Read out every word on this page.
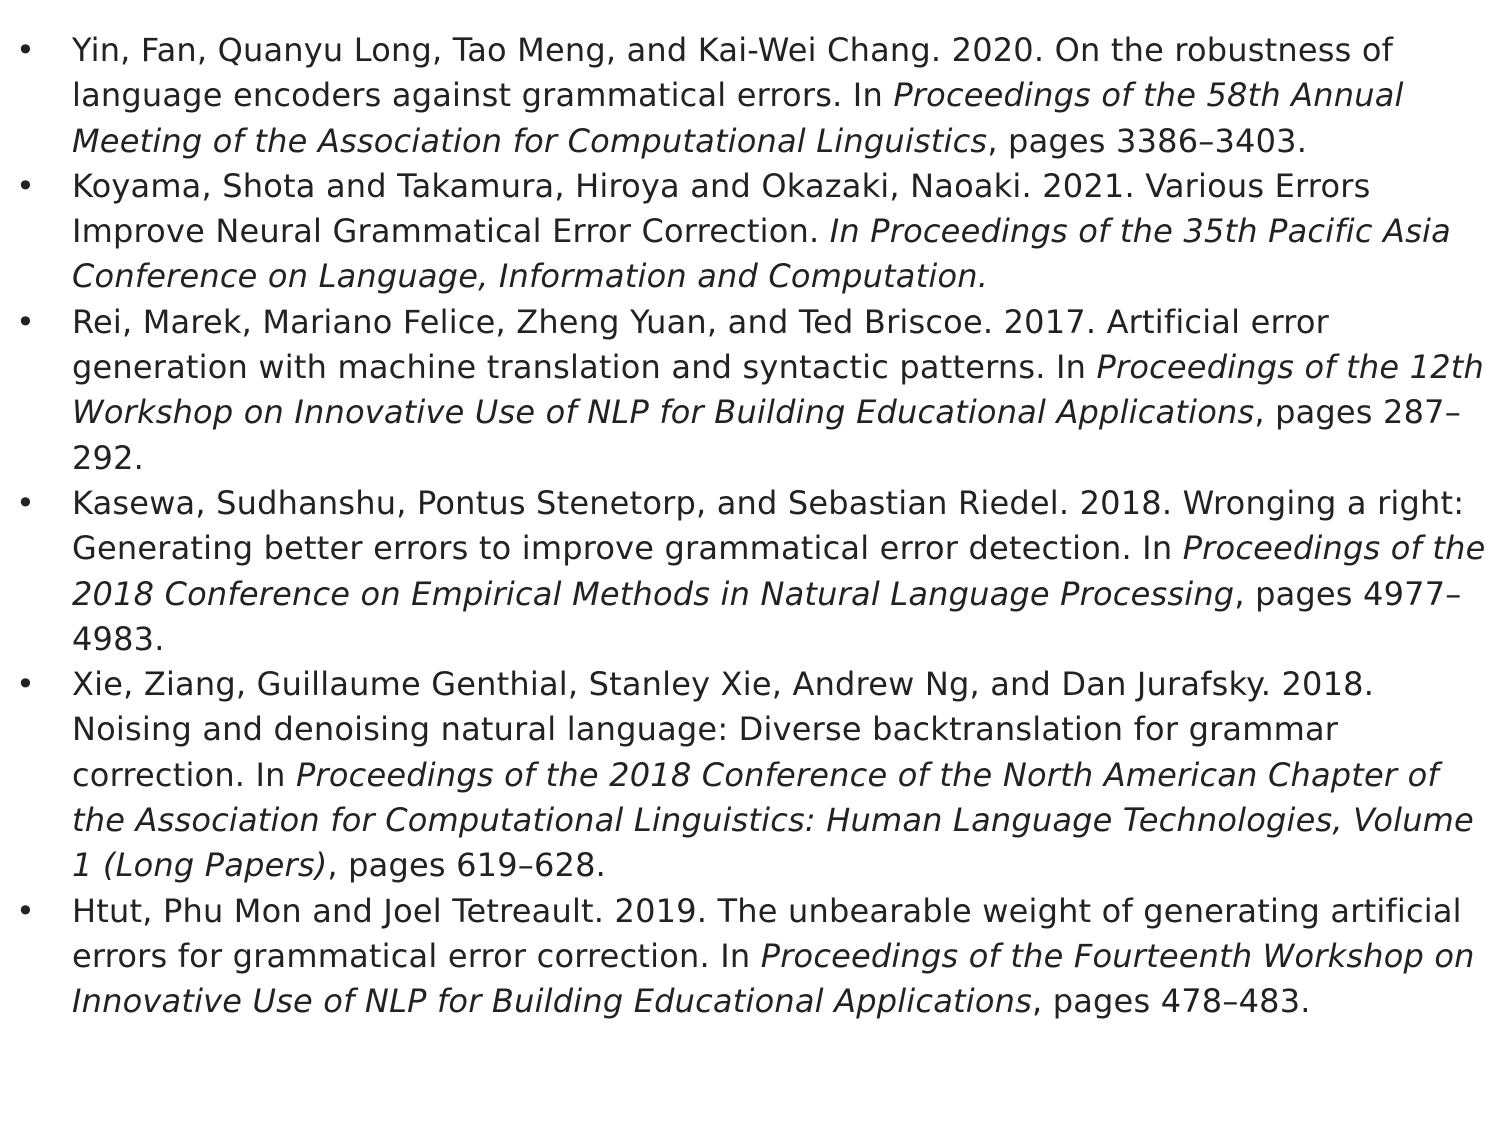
• Yin, Fan, Quanyu Long, Tao Meng, and Kai-Wei Chang. 2020. On the robustness of language encoders against grammatical errors. In Proceedings of the 58th Annual Meeting of the Association for Computational Linguistics, pages 3386–3403.
• Koyama, Shota and Takamura, Hiroya and Okazaki, Naoaki. 2021. Various Errors Improve Neural Grammatical Error Correction. In Proceedings of the 35th Pacific Asia Conference on Language, Information and Computation.
• Rei, Marek, Mariano Felice, Zheng Yuan, and Ted Briscoe. 2017. Artificial error generation with machine translation and syntactic patterns. In Proceedings of the 12th Workshop on Innovative Use of NLP for Building Educational Applications, pages 287–292.
• Kasewa, Sudhanshu, Pontus Stenetorp, and Sebastian Riedel. 2018. Wronging a right: Generating better errors to improve grammatical error detection. In Proceedings of the 2018 Conference on Empirical Methods in Natural Language Processing, pages 4977–4983.
• Xie, Ziang, Guillaume Genthial, Stanley Xie, Andrew Ng, and Dan Jurafsky. 2018. Noising and denoising natural language: Diverse backtranslation for grammar correction. In Proceedings of the 2018 Conference of the North American Chapter of the Association for Computational Linguistics: Human Language Technologies, Volume 1 (Long Papers), pages 619–628.
• Htut, Phu Mon and Joel Tetreault. 2019. The unbearable weight of generating artificial errors for grammatical error correction. In Proceedings of the Fourteenth Workshop on Innovative Use of NLP for Building Educational Applications, pages 478–483.
